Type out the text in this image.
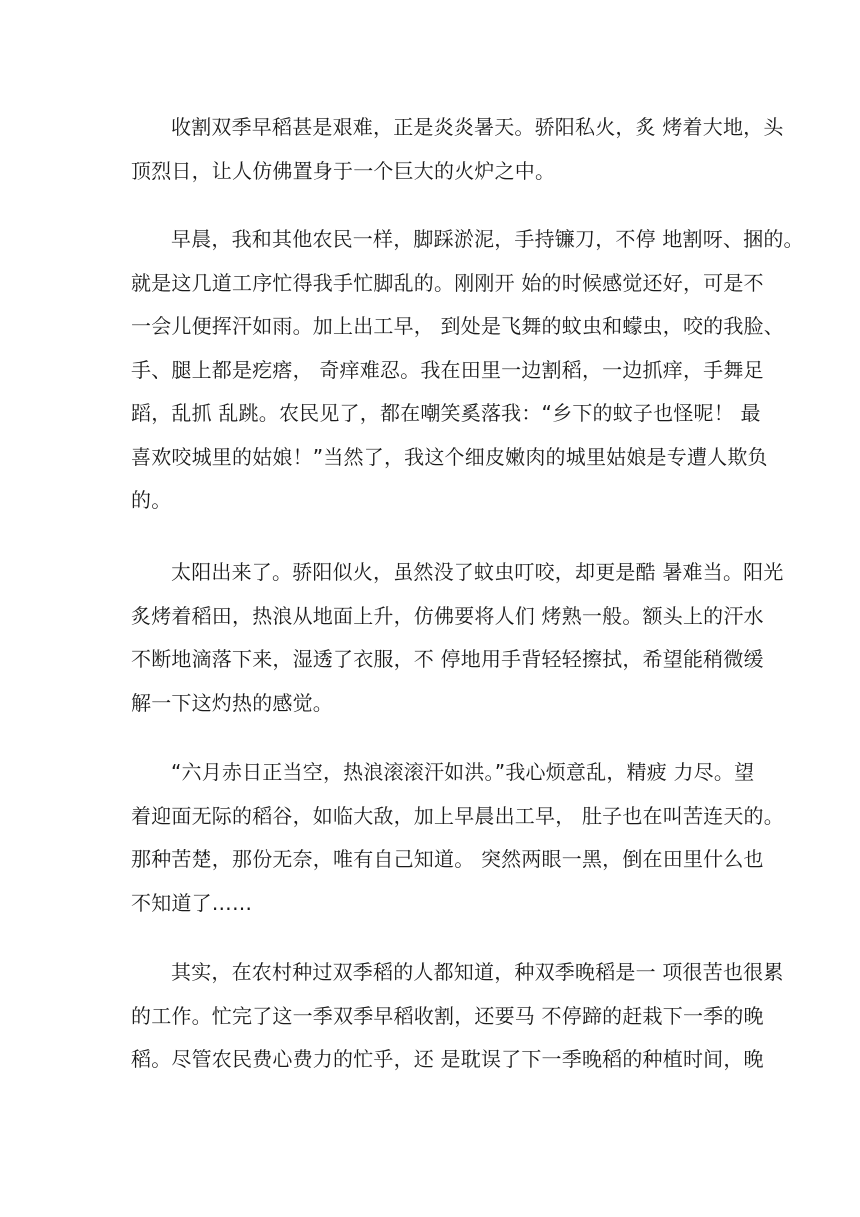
收割双季早稻甚是艰难，正是炎炎暑天。骄阳私火，炙 烤着大地，头
顶烈日，让人仿佛置身于一个巨大的火炉之中。
早晨，我和其他农民一样，脚踩淤泥，手持镰刀，不停 地割呀、捆的。
就是这几道工序忙得我手忙脚乱的。刚刚开 始的时候感觉还好，可是不
一会儿便挥汗如雨。加上出工早， 到处是飞舞的蚊虫和蠓虫，咬的我脸、
手、腿上都是疙瘩， 奇痒难忍。我在田里一边割稻，一边抓痒，手舞足
蹈，乱抓 乱跳。农民见了，都在嘲笑奚落我：“乡下的蚊子也怪呢！ 最
喜欢咬城里的姑娘！”当然了，我这个细皮嫩肉的城里姑娘是专遭人欺负
的。
太阳出来了。骄阳似火，虽然没了蚊虫叮咬，却更是酷 暑难当。阳光
炙烤着稻田，热浪从地面上升，仿佛要将人们 烤熟一般。额头上的汗水
不断地滴落下来，湿透了衣服，不 停地用手背轻轻擦拭，希望能稍微缓
解一下这灼热的感觉。
“六月赤日正当空，热浪滚滚汗如洪。”我心烦意乱，精疲 力尽。望
着迎面无际的稻谷，如临大敌，加上早晨出工早， 肚子也在叫苦连天的。
那种苦楚，那份无奈，唯有自己知道。 突然两眼一黑，倒在田里什么也
不知道了……
其实，在农村种过双季稻的人都知道，种双季晚稻是一 项很苦也很累
的工作。忙完了这一季双季早稻收割，还要马 不停蹄的赶栽下一季的晚
稻。尽管农民费心费力的忙乎，还 是耽误了下一季晚稻的种植时间，晚
